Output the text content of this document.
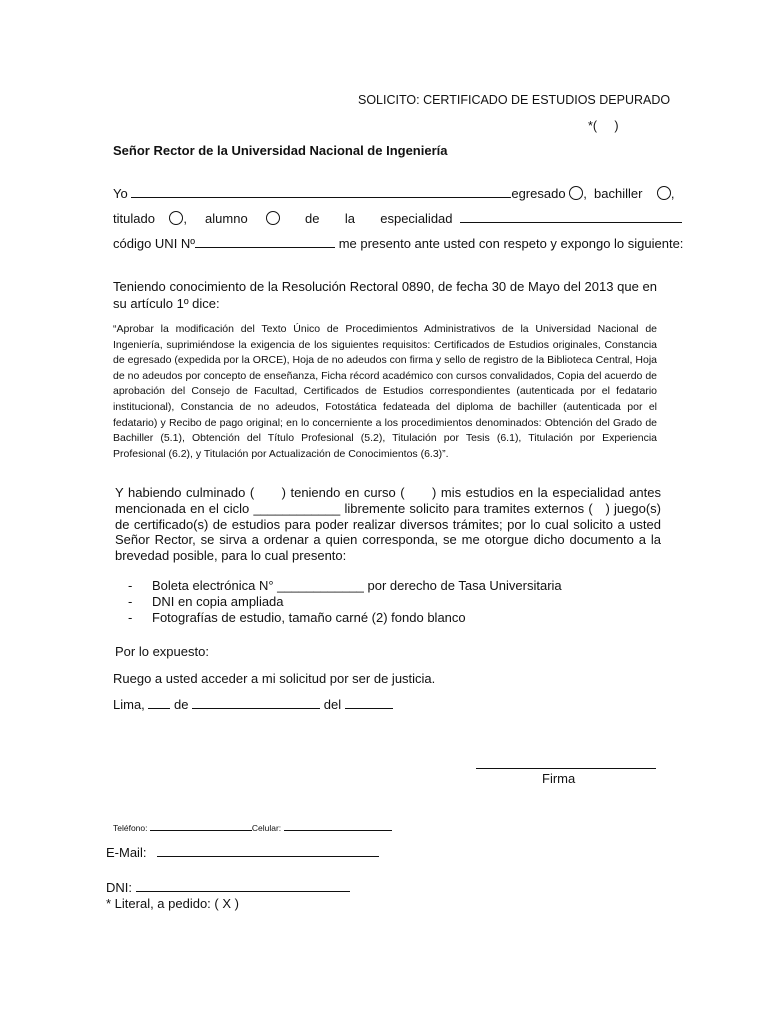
SOLICITO: CERTIFICADO DE ESTUDIOS DEPURADO
*(     )
Señor Rector de la Universidad Nacional de Ingeniería
Yo	egresado ,  bachiller ,
titulado ,     alumno	de la especialidad
código UNI Nº	me presento ante usted con respeto y expongo lo siguiente:
Teniendo conocimiento de la Resolución Rectoral 0890, de fecha 30 de Mayo del 2013 que en su artículo 1º dice:
“Aprobar la modificación del Texto Único de Procedimientos Administrativos de la Universidad Nacional de Ingeniería, suprimiéndose la exigencia de los siguientes requisitos: Certificados de Estudios originales, Constancia de egresado (expedida por la ORCE), Hoja de no adeudos con firma y sello de registro de la Biblioteca Central, Hoja de no adeudos por concepto de enseñanza, Ficha récord académico con cursos convalidados, Copia del acuerdo de aprobación del Consejo de Facultad, Certificados de Estudios correspondientes (autenticada por el fedatario institucional), Constancia de no adeudos, Fotostática fedateada del diploma de bachiller (autenticada por el fedatario) y Recibo de pago original; en lo concerniente a los procedimientos denominados: Obtención del Grado de Bachiller (5.1), Obtención del Título Profesional (5.2), Titulación por Tesis (6.1), Titulación por Experiencia Profesional (6.2), y Titulación por Actualización de Conocimientos (6.3)”.
Y habiendo culminado (      ) teniendo en curso (      ) mis estudios en la especialidad antes mencionada en el ciclo ____________ libremente solicito para tramites externos (   ) juego(s) de certificado(s) de estudios para poder realizar diversos trámites; por lo cual solicito a usted Señor Rector, se sirva a ordenar a quien corresponda, se me otorgue dicho documento a la brevedad posible, para lo cual presento:
- Boleta electrónica N° ____________ por derecho de Tasa Universitaria
- DNI en copia ampliada
- Fotografías de estudio, tamaño carné (2) fondo blanco
Por lo expuesto:
Ruego a usted acceder a mi solicitud por ser de justicia.
Lima, de	del
Firma
Teléfono:	Celular:
E-Mail:
DNI:
* Literal, a pedido: ( X )
